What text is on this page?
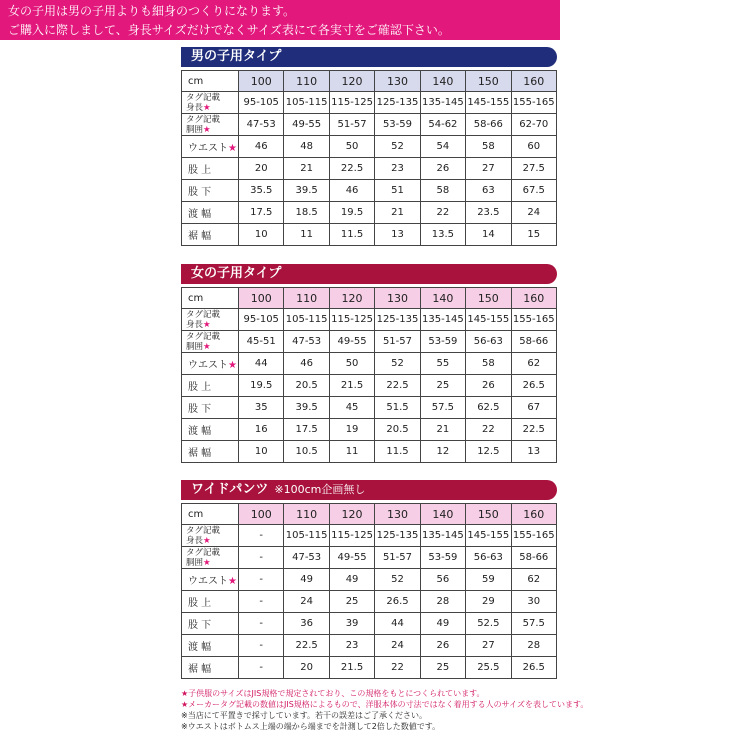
女の子用は男の子用よりも細身のつくりになります。
ご購入に際しまして、身長サイズだけでなくサイズ表にて各実寸をご確認下さい。
男の子用タイプ
cm	100	110	120	130	140	150	160

タグ記載
身長★	95-105	105-115	115-125	125-135	135-145	145-155	155-165

タグ記載
胴囲★	47-53	49-55	51-57	53-59	54-62	58-66	62-70
ウエスト★	46	48	50	52	54	58	60
股 上	20	21	22.5	23	26	27	27.5
股 下	35.5	39.5	46	51	58	63	67.5
渡 幅	17.5	18.5	19.5	21	22	23.5	24
裾 幅	10	11	11.5	13	13.5	14	15
女の子用タイプ
cm	100	110	120	130	140	150	160

タグ記載
身長★	95-105	105-115	115-125	125-135	135-145	145-155	155-165

タグ記載
胴囲★	45-51	47-53	49-55	51-57	53-59	56-63	58-66
ウエスト★	44	46	50	52	55	58	62
股 上	19.5	20.5	21.5	22.5	25	26	26.5
股 下	35	39.5	45	51.5	57.5	62.5	67
渡 幅	16	17.5	19	20.5	21	22	22.5
裾 幅	10	10.5	11	11.5	12	12.5	13
ワイドパンツ ※100cm企画無し
cm	100	110	120	130	140	150	160

タグ記載
身長★	-	105-115	115-125	125-135	135-145	145-155	155-165

タグ記載
胴囲★	-	47-53	49-55	51-57	53-59	56-63	58-66
ウエスト★	-	49	49	52	56	59	62
股 上	-	24	25	26.5	28	29	30
股 下	-	36	39	44	49	52.5	57.5
渡 幅	-	22.5	23	24	26	27	28
裾 幅	-	20	21.5	22	25	25.5	26.5
★子供服のサイズはJIS規格で規定されており、この規格をもとにつくられています。
★メーカータグ記載の数値はJIS規格によるもので、洋服本体の寸法ではなく着用する人のサイズを表しています。
※当店にて平置きで採寸しています。若干の誤差はご了承ください。
※ウエストはボトムス上端の端から端までを計測して2倍した数値です。
